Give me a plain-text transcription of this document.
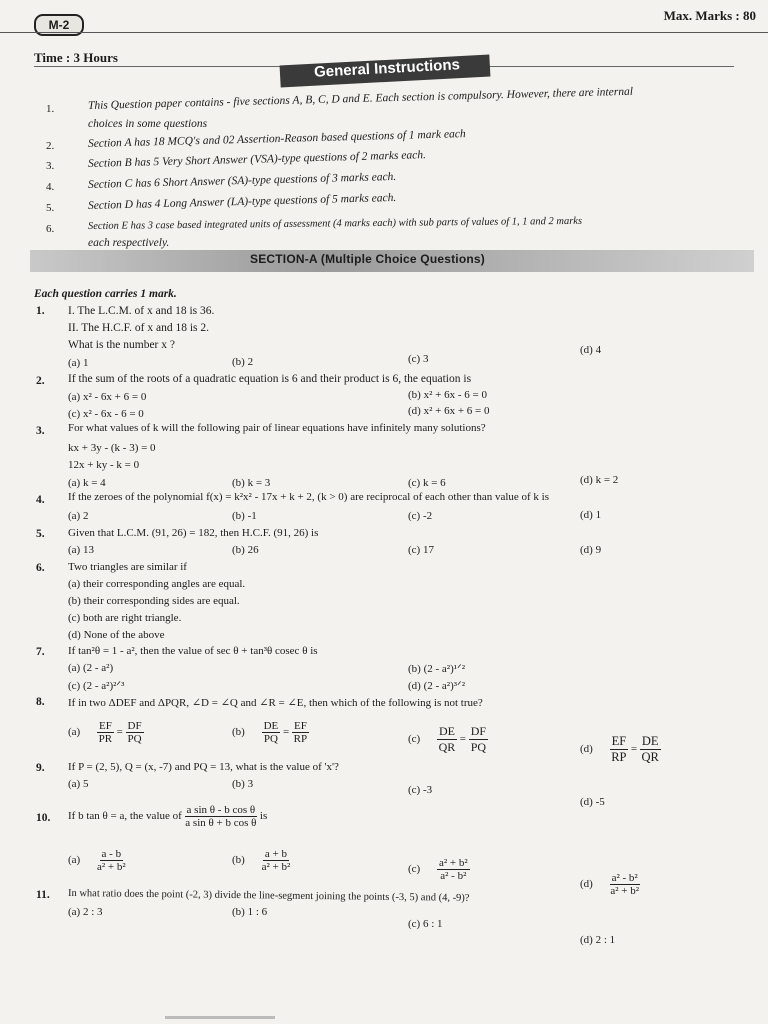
M-2
Max. Marks : 80
Time : 3 Hours	General Instructions
1.	This Question paper contains - five sections A, B, C, D and E. Each section is compulsory. However, there are internal
choices in some questions
2.	Section A has 18 MCQ's and 02 Assertion-Reason based questions of 1 mark each
3.	Section B has 5 Very Short Answer (VSA)-type questions of 2 marks each.
4.	Section C has 6 Short Answer (SA)-type questions of 3 marks each.
5.	Section D has 4 Long Answer (LA)-type questions of 5 marks each.
6.	Section E has 3 case based integrated units of assessment (4 marks each) with sub parts of values of 1, 1 and 2 marks
each respectively.
SECTION-A (Multiple Choice Questions)
Each question carries 1 mark.
1. I. The L.C.M. of x and 18 is 36.
II. The H.C.F. of x and 18 is 2.
What is the number x ?
(a) 1	(b) 2	(c) 3
(d) 4
2. If the sum of the roots of a quadratic equation is 6 and their product is 6, the equation is
(a) x² - 6x + 6 = 0	(b) x² + 6x - 6 = 0
(c) x² - 6x - 6 = 0	(d) x² + 6x + 6 = 0
3. For what values of k will the following pair of linear equations have infinitely many solutions?
kx + 3y - (k - 3) = 0
12x + ky - k = 0
(a) k = 4	(b) k = 3	(c) k = 6	(d) k = 2
4. If the zeroes of the polynomial f(x) = k²x² - 17x + k + 2, (k > 0) are reciprocal of each other than value of k is
(a) 2	(b) -1	(c) -2	(d) 1
5. Given that L.C.M. (91, 26) = 182, then H.C.F. (91, 26) is
(a) 13	(b) 26	(c) 17	(d) 9
6. Two triangles are similar if
(a) their corresponding angles are equal.
(b) their corresponding sides are equal.
(c) both are right triangle.
(d) None of the above
7. If tan²θ = 1 - a², then the value of sec θ + tan³θ cosec θ is
(a) (2 - a²)	(b) (2 - a²)¹ᐟ²
(c) (2 - a²)²ᐟ³	(d) (2 - a²)³ᐟ²
8. If in two ΔDEF and ΔPQR, ∠D = ∠Q and ∠R = ∠E, then which of the following is not true?
$(a) \frac{EF}{PR} = \frac{DF}{PQ}$	$(b) \frac{DE}{PQ} = \frac{EF}{RP}$	$(c) \frac{DE}{QR} = \frac{DF}{PQ}$	$(d) \frac{EF}{RP} = \frac{DE}{QR}$
9. If P = (2, 5), Q = (x, -7) and PQ = 13, what is the value of 'x'?
(a) 5	(b) 3	(c) -3
(d) -5
10. If b tan θ = a, the value of $\frac{\text{a sin θ - b cos θ}}{\text{a sin θ + b cos θ}}$ is
$(a) \frac{a - b}{\text{a² + b²}}$	$(b) \frac{a + b}{\text{a² + b²}}$	$(c) \frac{\text{a² + b²}}{\text{a² - b²}}$
$(d) \frac{\text{a² - b²}}{\text{a² + b²}}$
11. In what ratio does the point (-2, 3) divide the line-segment joining the points (-3, 5) and (4, -9)?
(a) 2 : 3	(b) 1 : 6
(c) 6 : 1
(d) 2 : 1
